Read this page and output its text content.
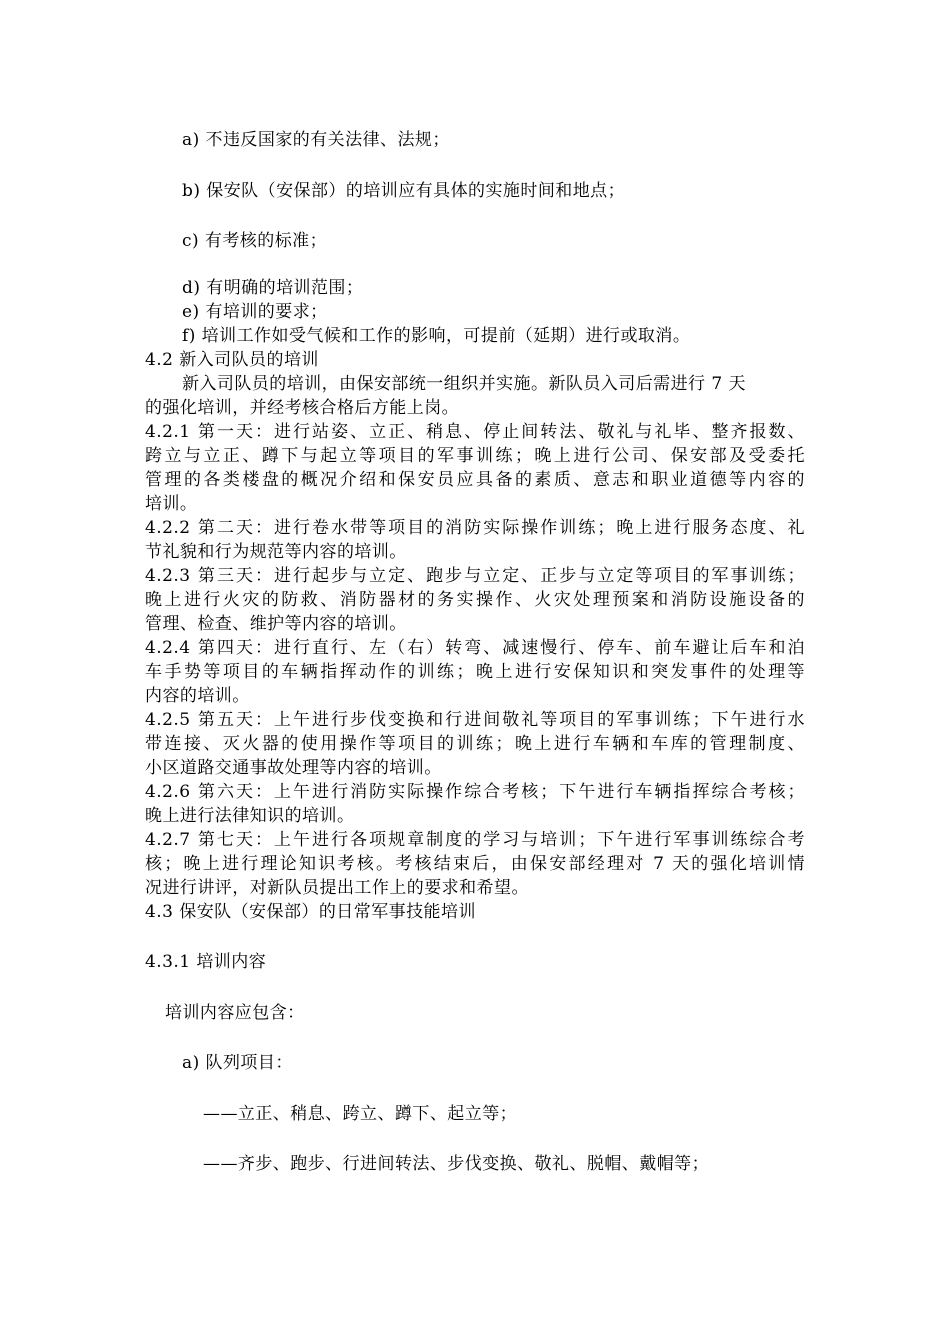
a) 不违反国家的有关法律、法规；
b) 保安队（安保部）的培训应有具体的实施时间和地点；
c) 有考核的标准；
d) 有明确的培训范围；
e) 有培训的要求；
f) 培训工作如受气候和工作的影响，可提前（延期）进行或取消。
4.2 新入司队员的培训
新入司队员的培训，由保安部统一组织并实施。新队员入司后需进行 7 天
的强化培训，并经考核合格后方能上岗。
4.2.1 第一天：进行站姿、立正、稍息、停止间转法、敬礼与礼毕、整齐报数、
跨立与立正、蹲下与起立等项目的军事训练；晚上进行公司、保安部及受委托
管理的各类楼盘的概况介绍和保安员应具备的素质、意志和职业道德等内容的
培训。
4.2.2 第二天：进行卷水带等项目的消防实际操作训练；晚上进行服务态度、礼
节礼貌和行为规范等内容的培训。
4.2.3 第三天：进行起步与立定、跑步与立定、正步与立定等项目的军事训练；
晚上进行火灾的防救、消防器材的务实操作、火灾处理预案和消防设施设备的
管理、检查、维护等内容的培训。
4.2.4 第四天：进行直行、左（右）转弯、减速慢行、停车、前车避让后车和泊
车手势等项目的车辆指挥动作的训练；晚上进行安保知识和突发事件的处理等
内容的培训。
4.2.5 第五天：上午进行步伐变换和行进间敬礼等项目的军事训练；下午进行水
带连接、灭火器的使用操作等项目的训练；晚上进行车辆和车库的管理制度、
小区道路交通事故处理等内容的培训。
4.2.6 第六天：上午进行消防实际操作综合考核；下午进行车辆指挥综合考核；
晚上进行法律知识的培训。
4.2.7 第七天：上午进行各项规章制度的学习与培训；下午进行军事训练综合考
核；晚上进行理论知识考核。考核结束后，由保安部经理对 7 天的强化培训情
况进行讲评，对新队员提出工作上的要求和希望。
4.3 保安队（安保部）的日常军事技能培训
4.3.1 培训内容
培训内容应包含：
a) 队列项目：
——立正、稍息、跨立、蹲下、起立等；
——齐步、跑步、行进间转法、步伐变换、敬礼、脱帽、戴帽等；
